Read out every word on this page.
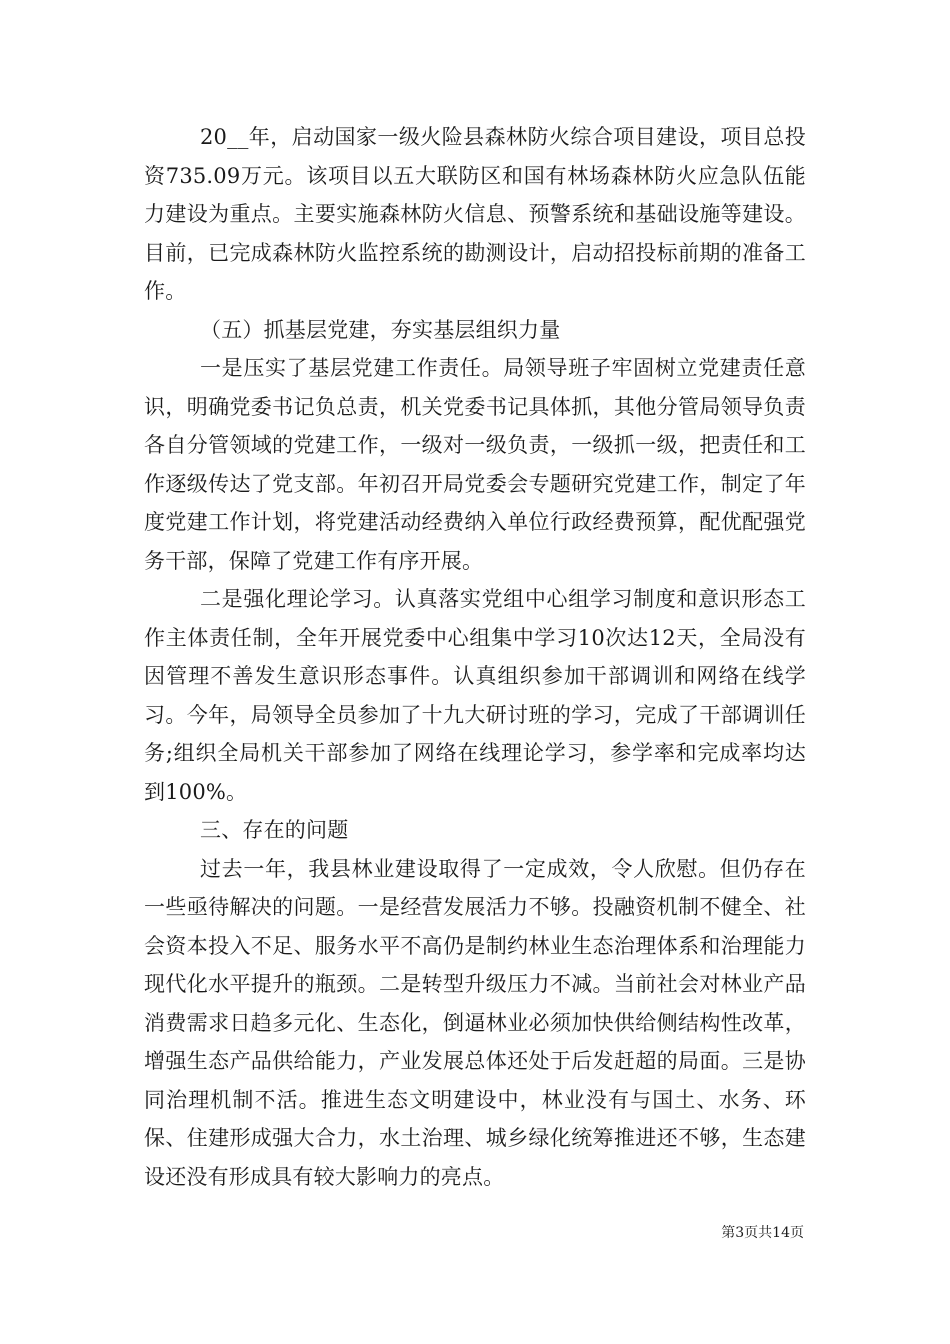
20__年，启动国家一级火险县森林防火综合项目建设，项目总投资735.09万元。该项目以五大联防区和国有林场森林防火应急队伍能力建设为重点。主要实施森林防火信息、预警系统和基础设施等建设。目前，已完成森林防火监控系统的勘测设计，启动招投标前期的准备工作。

（五）抓基层党建，夯实基层组织力量

一是压实了基层党建工作责任。局领导班子牢固树立党建责任意识，明确党委书记负总责，机关党委书记具体抓，其他分管局领导负责各自分管领域的党建工作，一级对一级负责，一级抓一级，把责任和工作逐级传达了党支部。年初召开局党委会专题研究党建工作，制定了年度党建工作计划，将党建活动经费纳入单位行政经费预算，配优配强党务干部，保障了党建工作有序开展。

二是强化理论学习。认真落实党组中心组学习制度和意识形态工作主体责任制，全年开展党委中心组集中学习10次达12天，全局没有因管理不善发生意识形态事件。认真组织参加干部调训和网络在线学习。今年，局领导全员参加了十九大研讨班的学习，完成了干部调训任务;组织全局机关干部参加了网络在线理论学习，参学率和完成率均达到100%。

三、存在的问题

过去一年，我县林业建设取得了一定成效，令人欣慰。但仍存在一些亟待解决的问题。一是经营发展活力不够。投融资机制不健全、社会资本投入不足、服务水平不高仍是制约林业生态治理体系和治理能力现代化水平提升的瓶颈。二是转型升级压力不减。当前社会对林业产品消费需求日趋多元化、生态化，倒逼林业必须加快供给侧结构性改革，增强生态产品供给能力，产业发展总体还处于后发赶超的局面。三是协同治理机制不活。推进生态文明建设中，林业没有与国土、水务、环保、住建形成强大合力，水土治理、城乡绿化统筹推进还不够，生态建设还没有形成具有较大影响力的亮点。

第3页共14页
